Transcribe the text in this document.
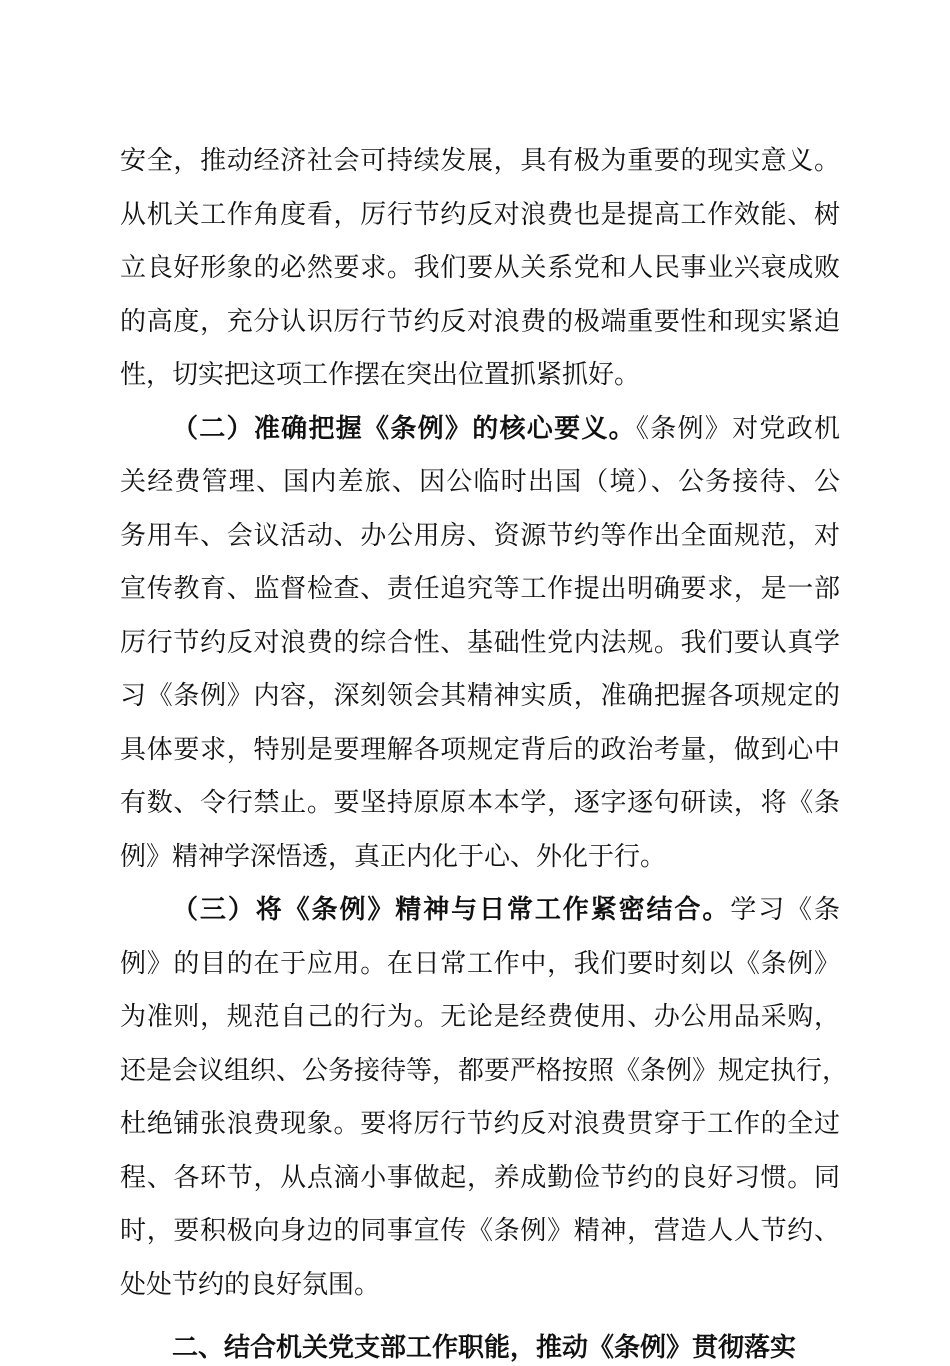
安全，推动经济社会可持续发展，具有极为重要的现实意义。
从机关工作角度看，厉行节约反对浪费也是提高工作效能、树
立良好形象的必然要求。我们要从关系党和人民事业兴衰成败
的高度，充分认识厉行节约反对浪费的极端重要性和现实紧迫
性，切实把这项工作摆在突出位置抓紧抓好。
（二）准确把握《条例》的核心要义。《条例》对党政机
关经费管理、国内差旅、因公临时出国（境）、公务接待、公
务用车、会议活动、办公用房、资源节约等作出全面规范，对
宣传教育、监督检查、责任追究等工作提出明确要求，是一部
厉行节约反对浪费的综合性、基础性党内法规。我们要认真学
习《条例》内容，深刻领会其精神实质，准确把握各项规定的
具体要求，特别是要理解各项规定背后的政治考量，做到心中
有数、令行禁止。要坚持原原本本学，逐字逐句研读，将《条
例》精神学深悟透，真正内化于心、外化于行。
（三）将《条例》精神与日常工作紧密结合。学习《条
例》的目的在于应用。在日常工作中，我们要时刻以《条例》
为准则，规范自己的行为。无论是经费使用、办公用品采购，
还是会议组织、公务接待等，都要严格按照《条例》规定执行，
杜绝铺张浪费现象。要将厉行节约反对浪费贯穿于工作的全过
程、各环节，从点滴小事做起，养成勤俭节约的良好习惯。同
时，要积极向身边的同事宣传《条例》精神，营造人人节约、
处处节约的良好氛围。
二、结合机关党支部工作职能，推动《条例》贯彻落实
